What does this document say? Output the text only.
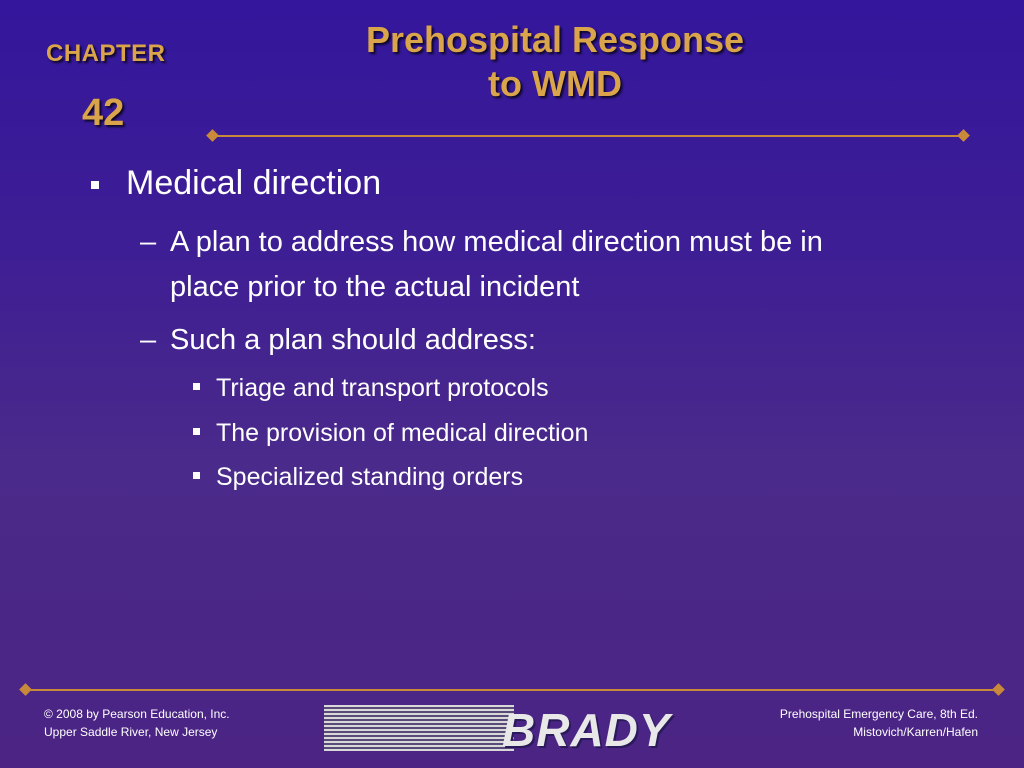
CHAPTER
42
Prehospital Response
to WMD
Medical direction
– A plan to address how medical direction must be in
place prior to the actual incident
– Such a plan should address:
Triage and transport protocols
The provision of medical direction
Specialized standing orders
© 2008 by Pearson Education, Inc.
Upper Saddle River, New Jersey	BRADY	Prehospital Emergency Care, 8th Ed.
Mistovich/Karren/Hafen
